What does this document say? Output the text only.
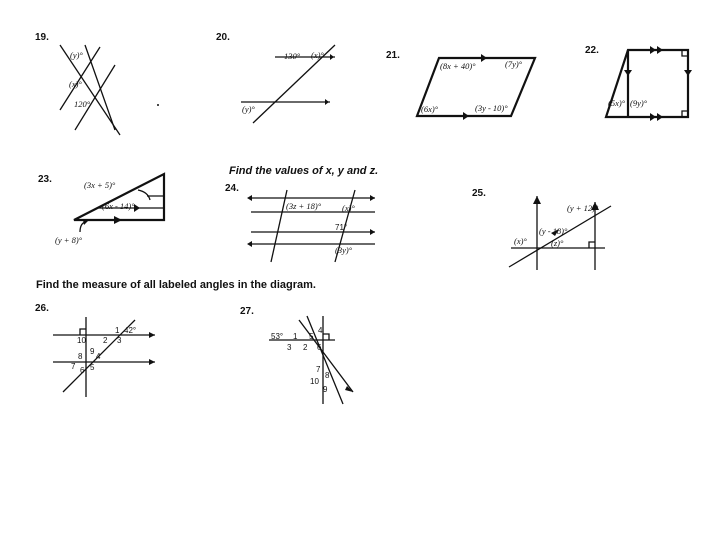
Find the values of x, y and z.
Find the measure of all labeled angles in the diagram.
19.	20.
21.	22.
23.
24.	25.
26.	27.
(y)°
(x)°
120°
130° (x)°
(y)°
(8x + 40)°	(7y)°
(6x)°	(3y - 10)°	(5x)° (9y)°
(3x + 5)°
(6x - 14)°
(y + 8)°
(3z + 18)° (x)°
71°
(3y)°
(y + 12)°
(y - 18)°
(x)°	(z)°
1 42°
10 2 3
9
8 4
7 6 5
4
53° 1 5
3 2 6
7
8
10
9
